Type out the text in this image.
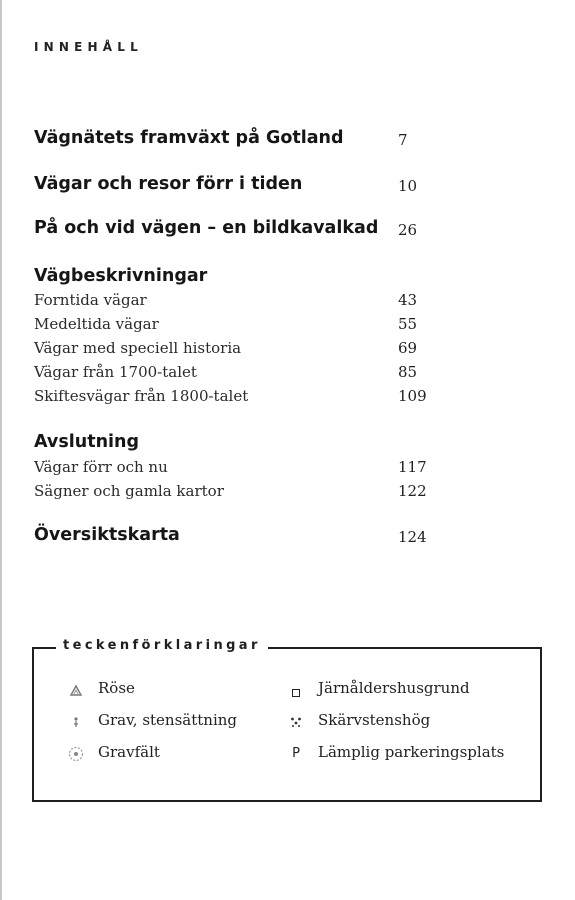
INNEHÅLL
Vägnätets framväxt på Gotland	7
Vägar och resor förr i tiden	10
På och vid vägen – en bildkavalkad 26
Vägbeskrivningar
Forntida vägar	43
Medeltida vägar	55
Vägar med speciell historia	69
Vägar från 1700-talet	85
Skiftesvägar från 1800-talet	109
Avslutning
Vägar förr och nu	117
Sägner och gamla kartor	122
Översiktskarta	124
teckenförklaringar
Röse
Grav, stensättning
Gravfält
Järnåldershusgrund
Skärvstenshög
P Lämplig parkeringsplats
